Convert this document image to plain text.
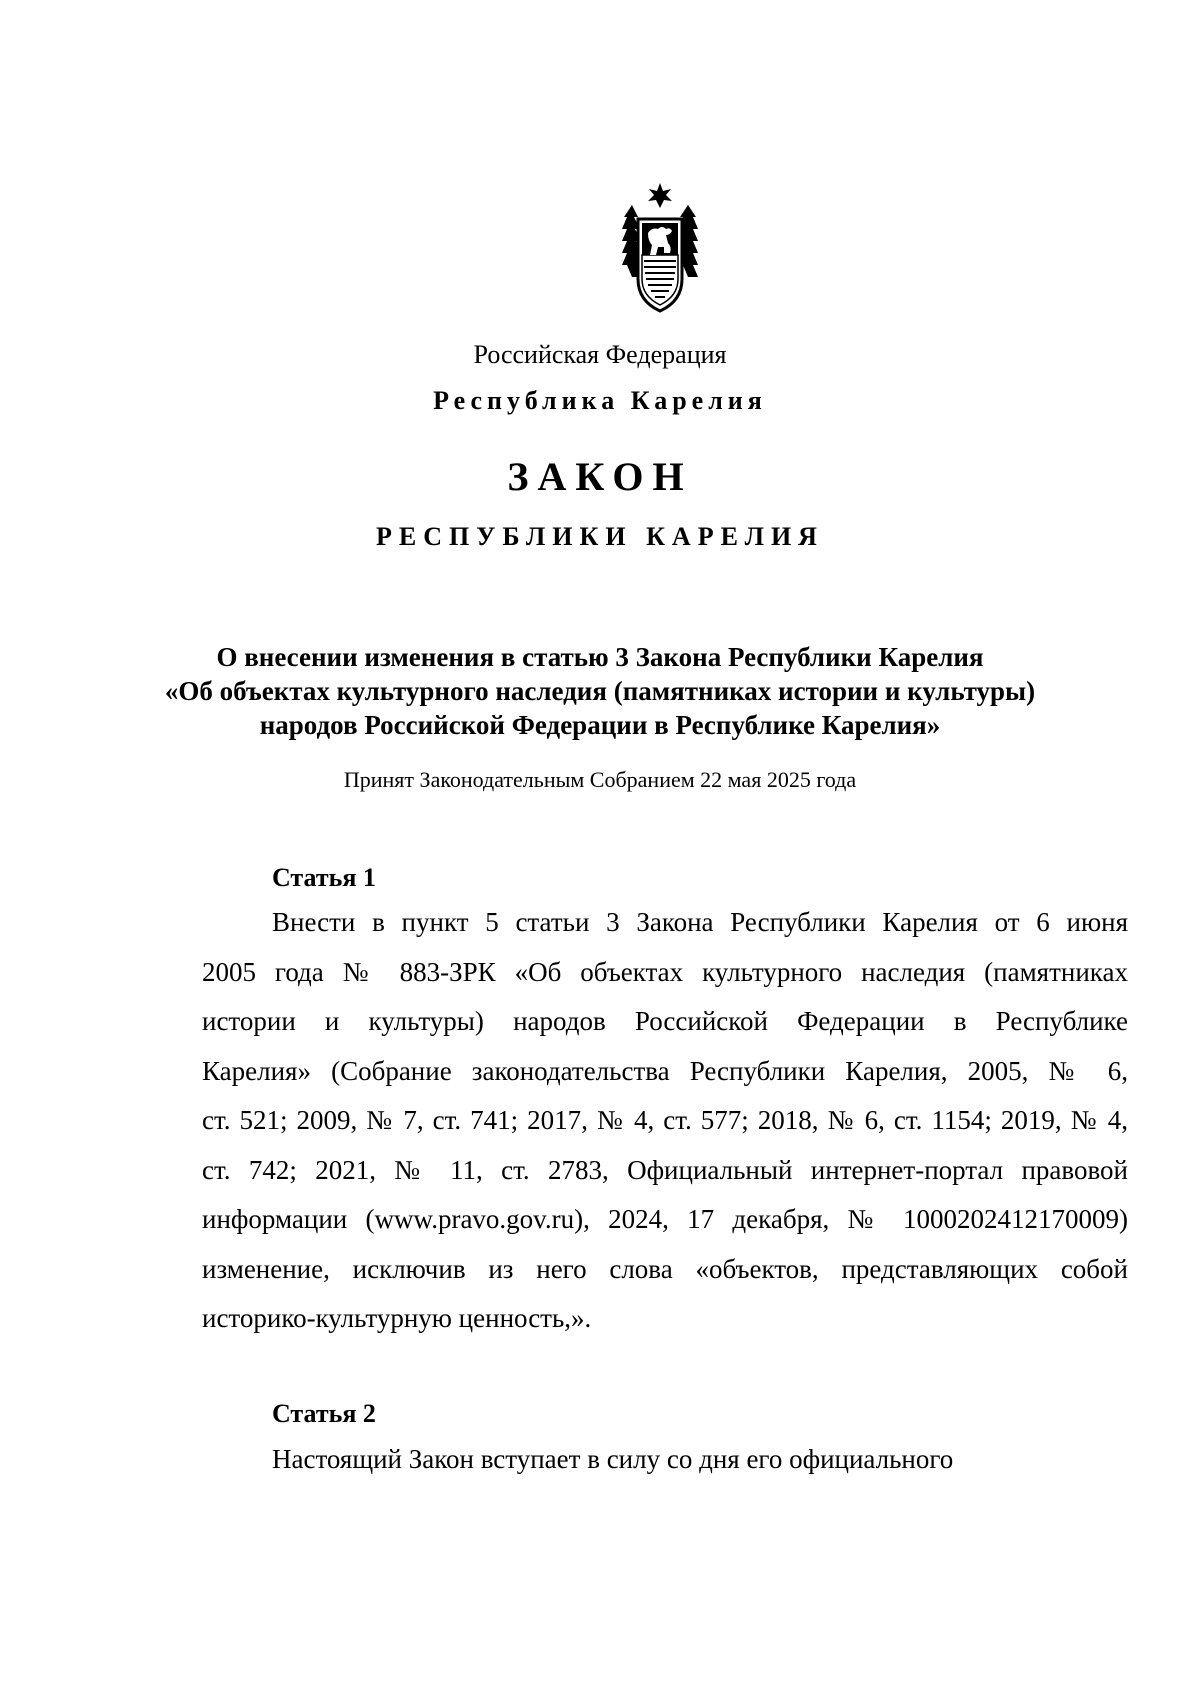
Российская Федерация
Республика Карелия
ЗАКОН
РЕСПУБЛИКИ КАРЕЛИЯ
О внесении изменения в статью 3 Закона Республики Карелия
«Об объектах культурного наследия (памятниках истории и культуры)
народов Российской Федерации в Республике Карелия»
Принят Законодательным Собранием 22 мая 2025 года
Статья 1
Внести в пункт 5 статьи 3 Закона Республики Карелия от 6 июня
2005 года № 883-ЗРК «Об объектах культурного наследия (памятниках
истории и культуры) народов Российской Федерации в Республике
Карелия» (Собрание законодательства Республики Карелия, 2005, № 6,
ст. 521; 2009, № 7, ст. 741; 2017, № 4, ст. 577; 2018, № 6, ст. 1154; 2019, № 4,
ст. 742; 2021, № 11, ст. 2783, Официальный интернет-портал правовой
информации (www.pravo.gov.ru), 2024, 17 декабря, № 1000202412170009)
изменение, исключив из него слова «объектов, представляющих собой
историко-культурную ценность,».
Статья 2
Настоящий Закон вступает в силу со дня его официального
